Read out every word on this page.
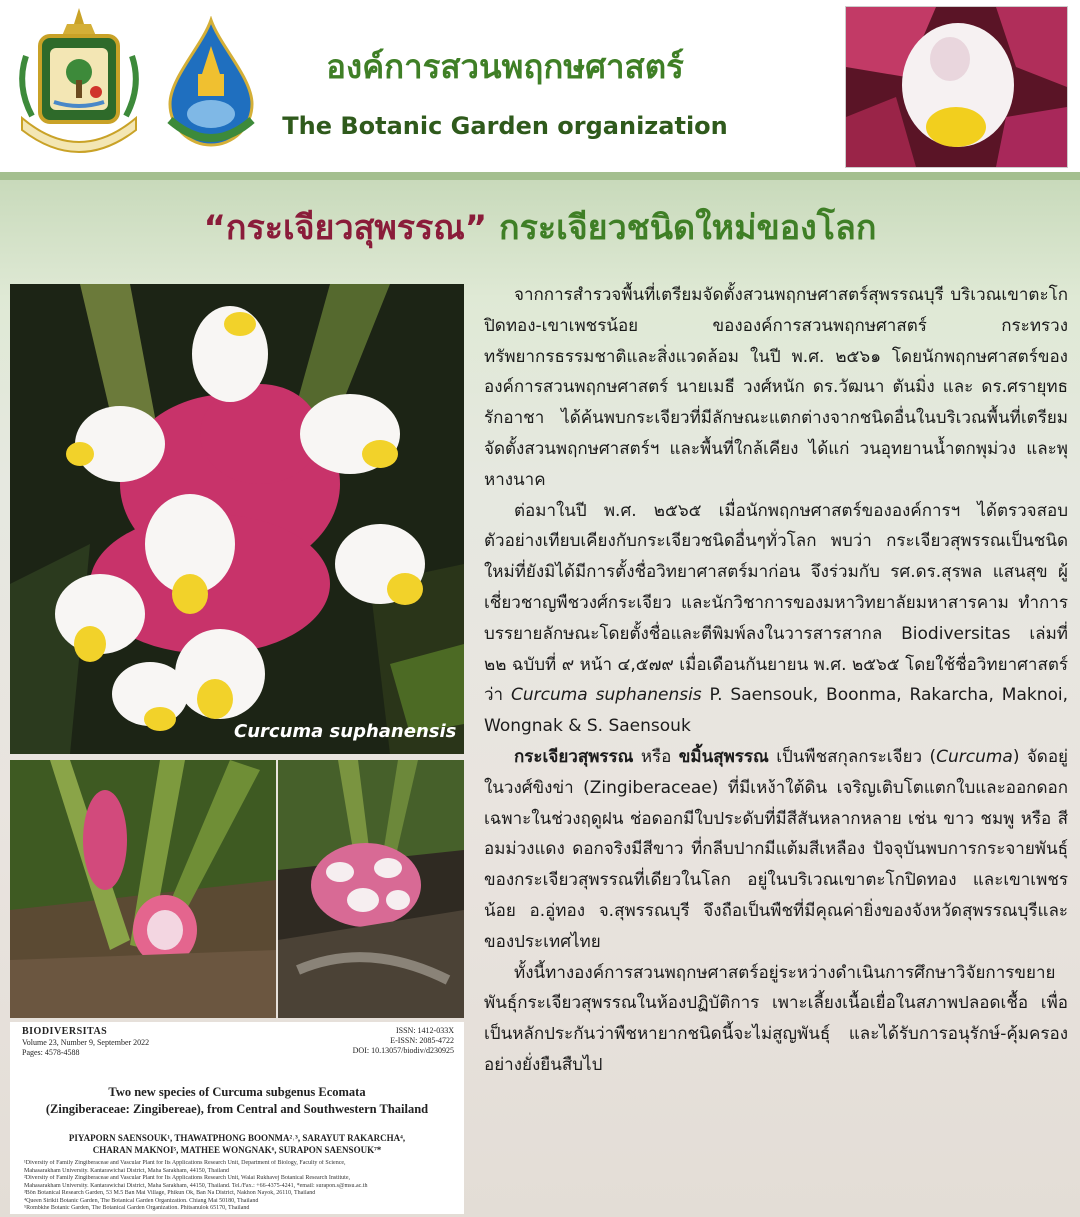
องค์การสวนพฤกษศาสตร์
The Botanic Garden organization
“กระเจียวสุพรรณ” กระเจียวชนิดใหม่ของโลก
Curcuma suphanensis
BIODIVERSITAS
Volume 23, Number 9, September 2022
Pages: 4578-4588
ISSN: 1412-033X
E-ISSN: 2085-4722
DOI: 10.13057/biodiv/d230925
Two new species of Curcuma subgenus Ecomata
(Zingiberaceae: Zingibereae), from Central and Southwestern Thailand
PIYAPORN SAENSOUK¹, THAWATPHONG BOONMA²˒³, SARAYUT RAKARCHA⁴,
CHARAN MAKNOI⁵, MATHEE WONGNAK⁶, SURAPON SAENSOUK⁷*
¹Diversity of Family Zingiberaceae and Vascular Plant for Its Applications Research Unit, Department of Biology, Faculty of Science,
Mahasarakham University. Kantarawichai District, Maha Sarakham, 44150, Thailand
²Diversity of Family Zingiberaceae and Vascular Plant for Its Applications Research Unit, Walai Rukhavej Botanical Research Institute,
Mahasarakham University. Kantarawichai District, Maha Sarakham, 44150, Thailand. Tel./Fax.: +66-4375-4241, *email: surapon.s@msu.ac.th
³Bön Botanical Research Garden, 53 M.5 Ban Mai Village, Phikun Ok, Ban Na District, Nakhon Nayok, 26110, Thailand
⁴Queen Sirikit Botanic Garden, The Botanical Garden Organization. Chiang Mai 50180, Thailand
⁵Rombkhe Botanic Garden, The Botanical Garden Organization. Phitsanulok 65170, Thailand

จากการสำรวจพื้นที่เตรียมจัดตั้งสวนพฤกษศาสตร์สุพรรณบุรี บริเวณเขาตะโกปิดทอง-เขาเพชรน้อย ขององค์การสวนพฤกษศาสตร์ กระทรวงทรัพยากรธรรมชาติและสิ่งแวดล้อม ในปี พ.ศ. ๒๕๖๑ โดยนักพฤกษศาสตร์ขององค์การสวนพฤกษศาสตร์ นายเมธี วงศ์หนัก ดร.วัฒนา ตันมิ่ง และ ดร.ศรายุทธ รักอาชา ได้ค้นพบกระเจียวที่มีลักษณะแตกต่างจากชนิดอื่นในบริเวณพื้นที่เตรียมจัดตั้งสวนพฤกษศาสตร์ฯ และพื้นที่ใกล้เคียง ได้แก่ วนอุทยานน้ำตกพุม่วง และพุหางนาค

ต่อมาในปี พ.ศ. ๒๕๖๕ เมื่อนักพฤกษศาสตร์ขององค์การฯ ได้ตรวจสอบตัวอย่างเทียบเคียงกับกระเจียวชนิดอื่นๆทั่วโลก พบว่า กระเจียวสุพรรณเป็นชนิดใหม่ที่ยังมิได้มีการตั้งชื่อวิทยาศาสตร์มาก่อน จึงร่วมกับ รศ.ดร.สุรพล แสนสุข ผู้เชี่ยวชาญพืชวงศ์กระเจียว และนักวิชาการของมหาวิทยาลัยมหาสารคาม ทำการบรรยายลักษณะโดยตั้งชื่อและตีพิมพ์ลงในวารสารสากล Biodiversitas เล่มที่ ๒๒ ฉบับที่ ๙ หน้า ๔,๕๗๙ เมื่อเดือนกันยายน พ.ศ. ๒๕๖๕ โดยใช้ชื่อวิทยาศาสตร์ว่า Curcuma suphanensis P. Saensouk, Boonma, Rakarcha, Maknoi, Wongnak & S. Saensouk

กระเจียวสุพรรณ หรือ ขมิ้นสุพรรณ เป็นพืชสกุลกระเจียว (Curcuma) จัดอยู่ในวงศ์ขิงข่า (Zingiberaceae) ที่มีเหง้าใต้ดิน เจริญเติบโตแตกใบและออกดอกเฉพาะในช่วงฤดูฝน ช่อดอกมีใบประดับที่มีสีสันหลากหลาย เช่น ขาว ชมพู หรือ สีอมม่วงแดง ดอกจริงมีสีขาว ที่กลีบปากมีแต้มสีเหลือง ปัจจุบันพบการกระจายพันธุ์ของกระเจียวสุพรรณที่เดียวในโลก อยู่ในบริเวณเขาตะโกปิดทอง และเขาเพชรน้อย อ.อู่ทอง จ.สุพรรณบุรี จึงถือเป็นพืชที่มีคุณค่ายิ่งของจังหวัดสุพรรณบุรีและของประเทศไทย

ทั้งนี้ทางองค์การสวนพฤกษศาสตร์อยู่ระหว่างดำเนินการศึกษาวิจัยการขยายพันธุ์กระเจียวสุพรรณในห้องปฏิบัติการ เพาะเลี้ยงเนื้อเยื่อในสภาพปลอดเชื้อ เพื่อเป็นหลักประกันว่าพืชหายากชนิดนี้จะไม่สูญพันธุ์ และได้รับการอนุรักษ์-คุ้มครองอย่างยั่งยืนสืบไป
